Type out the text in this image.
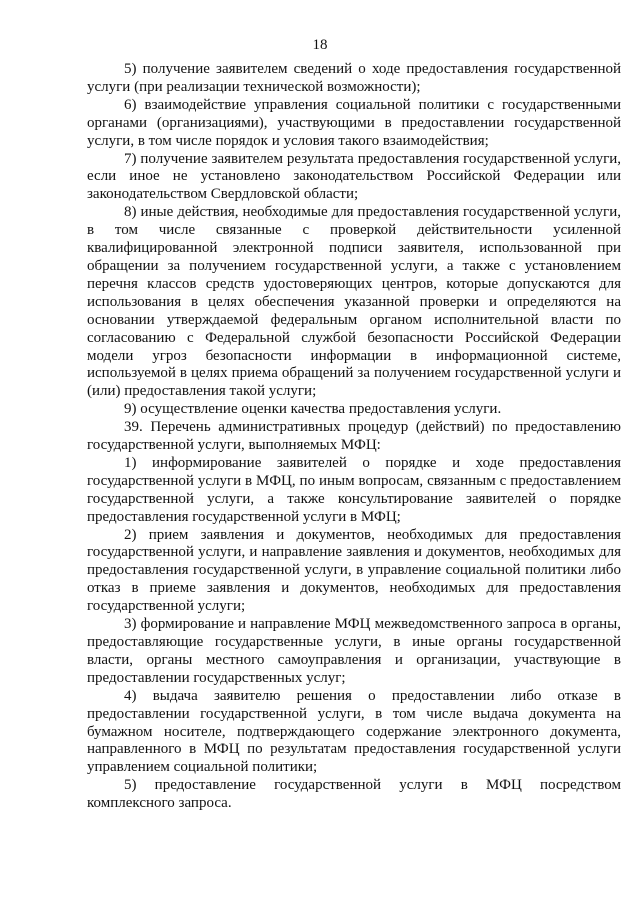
18

5) получение заявителем сведений о ходе предоставления государственной услуги (при реализации технической возможности);

6) взаимодействие управления социальной политики с государственными органами (организациями), участвующими в предоставлении государственной услуги, в том числе порядок и условия такого взаимодействия;

7) получение заявителем результата предоставления государственной услуги, если иное не установлено законодательством Российской Федерации или законодательством Свердловской области;

8) иные действия, необходимые для предоставления государственной услуги, в том числе связанные с проверкой действительности усиленной квалифицированной электронной подписи заявителя, использованной при обращении за получением государственной услуги, а также с установлением перечня классов средств удостоверяющих центров, которые допускаются для использования в целях обеспечения указанной проверки и определяются на основании утверждаемой федеральным органом исполнительной власти по согласованию с Федеральной службой безопасности Российской Федерации модели угроз безопасности информации в информационной системе, используемой в целях приема обращений за получением государственной услуги и (или) предоставления такой услуги;

9) осуществление оценки качества предоставления услуги.

39. Перечень административных процедур (действий) по предоставлению государственной услуги, выполняемых МФЦ:

1) информирование заявителей о порядке и ходе предоставления государственной услуги в МФЦ, по иным вопросам, связанным с предоставлением государственной услуги, а также консультирование заявителей о порядке предоставления государственной услуги в МФЦ;

2) прием заявления и документов, необходимых для предоставления государственной услуги, и направление заявления и документов, необходимых для предоставления государственной услуги, в управление социальной политики либо отказ в приеме заявления и документов, необходимых для предоставления государственной услуги;

3) формирование и направление МФЦ межведомственного запроса в органы, предоставляющие государственные услуги, в иные органы государственной власти, органы местного самоуправления и организации, участвующие в предоставлении государственных услуг;

4) выдача заявителю решения о предоставлении либо отказе в предоставлении государственной услуги, в том числе выдача документа на бумажном носителе, подтверждающего содержание электронного документа, направленного в МФЦ по результатам предоставления государственной услуги управлением социальной политики;

5) предоставление государственной услуги в МФЦ посредством комплексного запроса.
